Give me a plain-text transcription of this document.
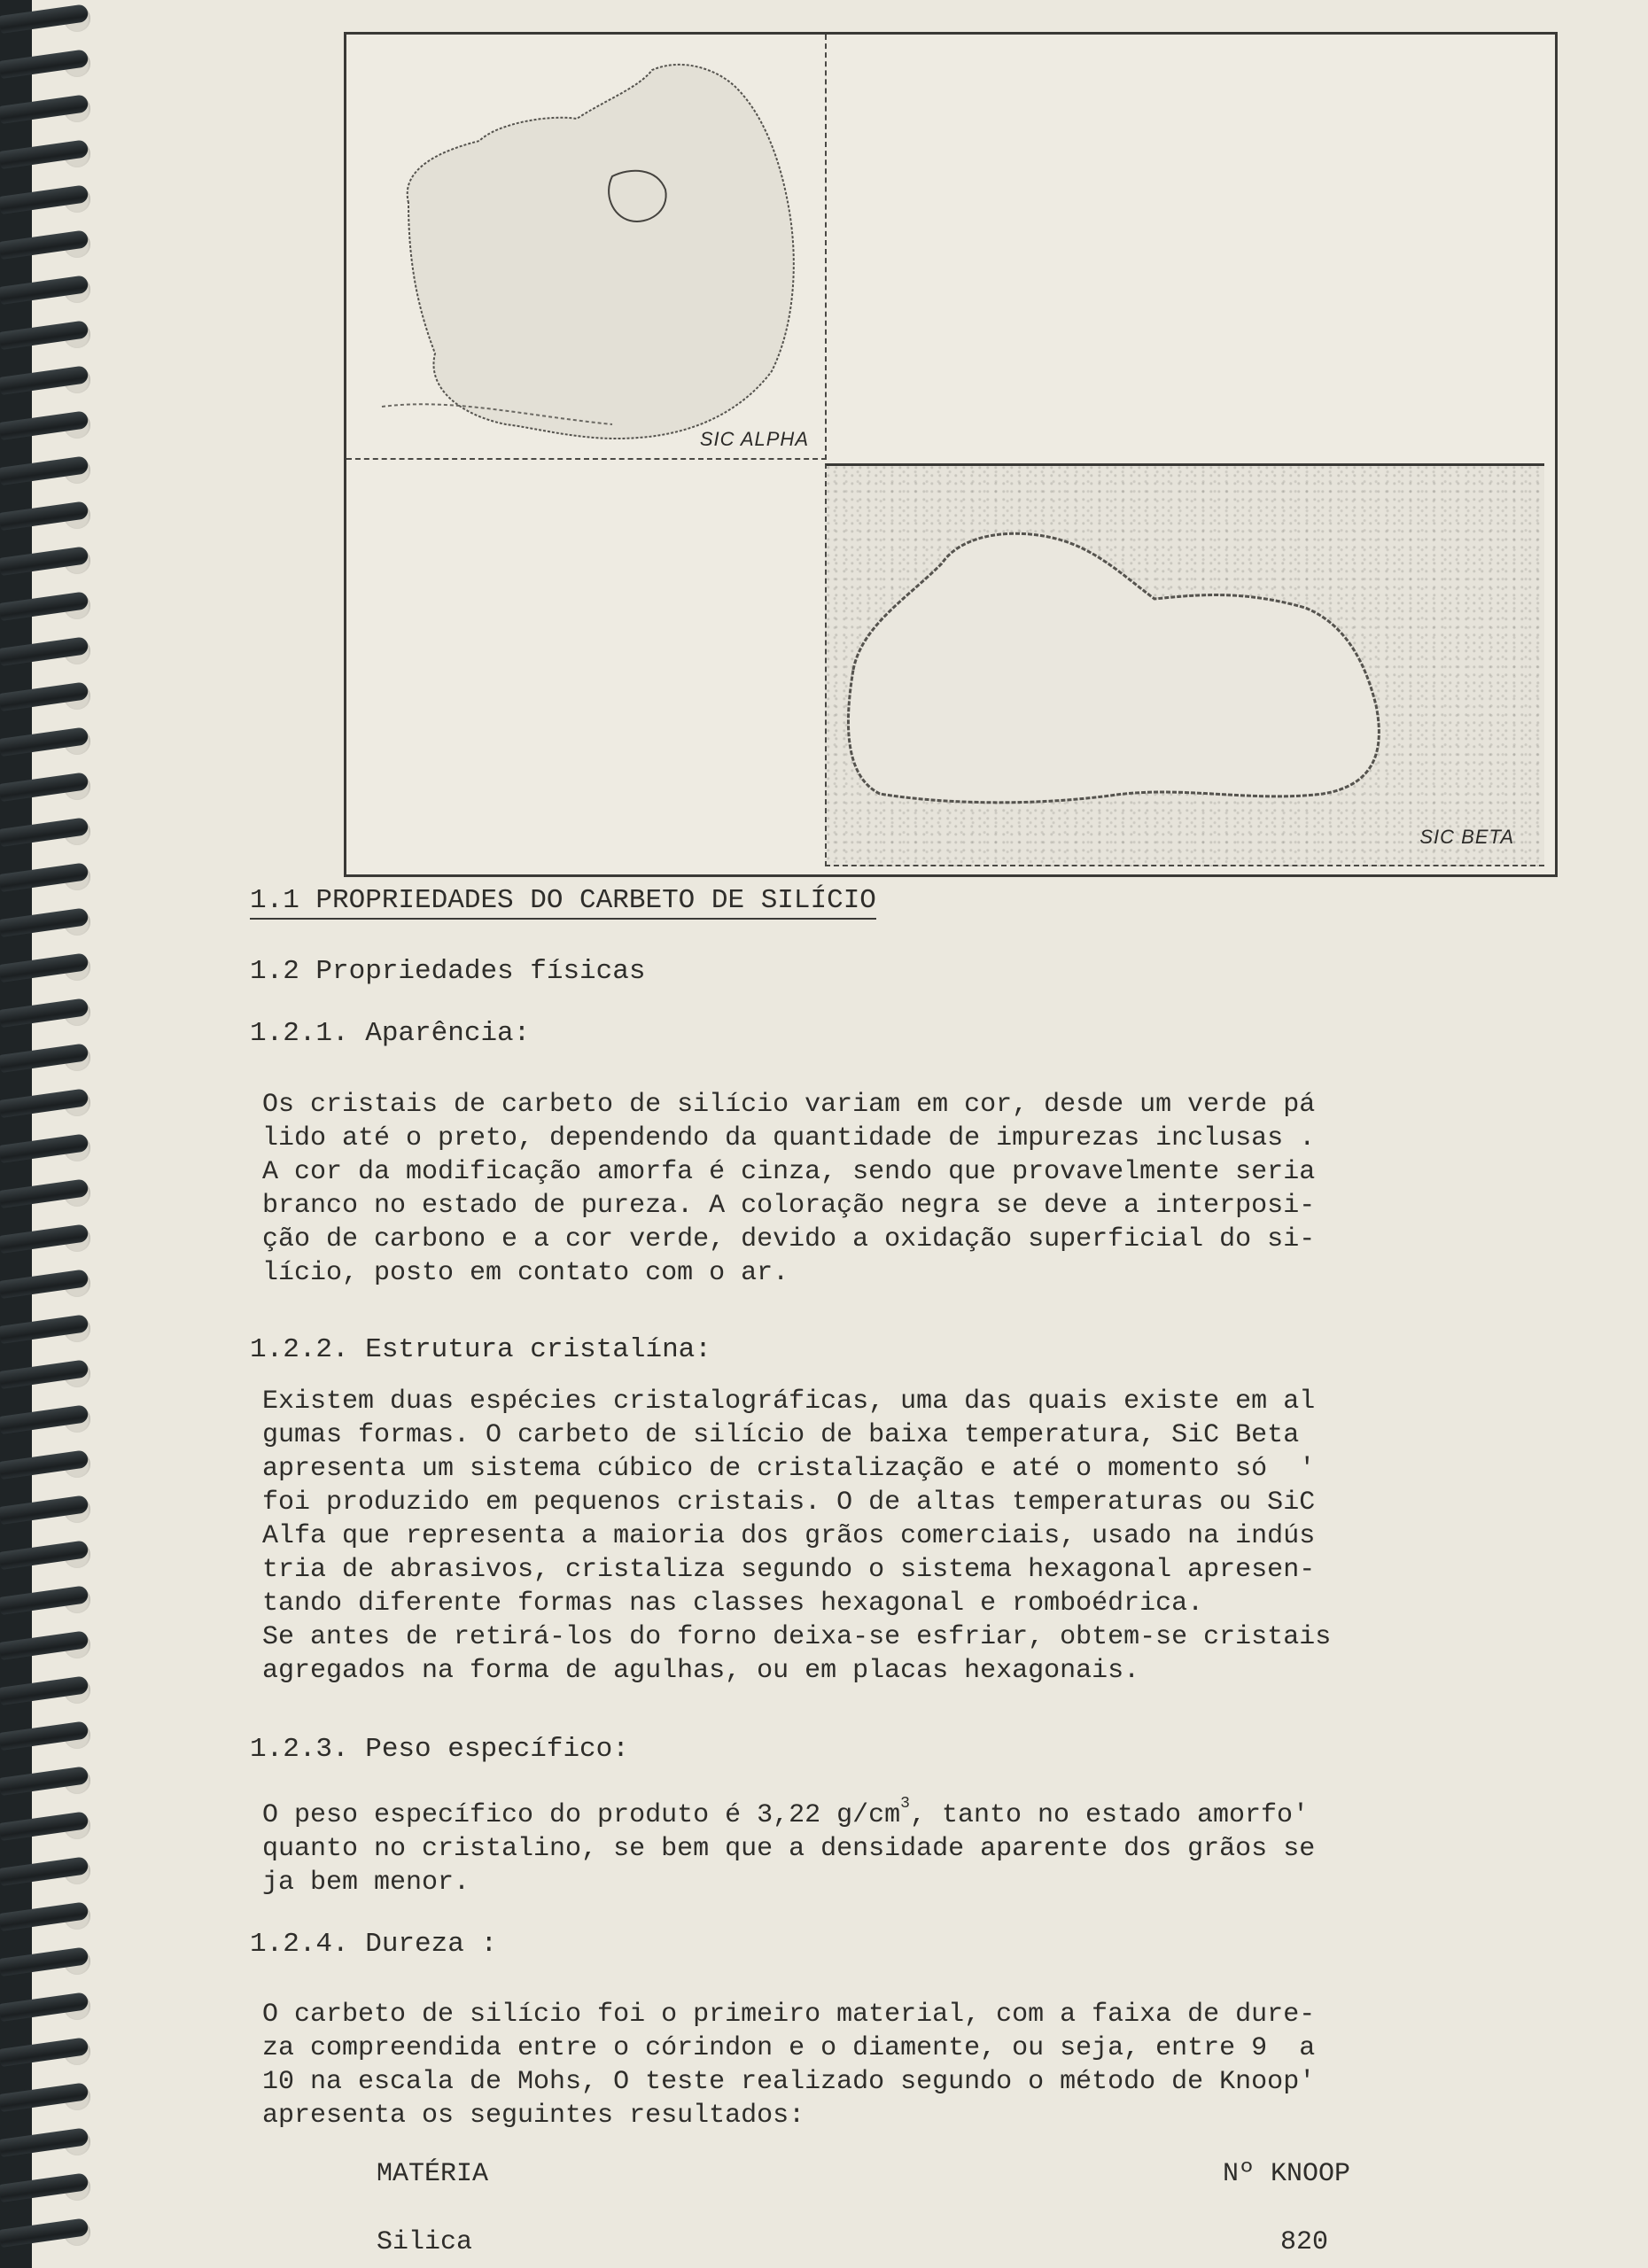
SIC ALPHA
SIC BETA
1.1 PROPRIEDADES DO CARBETO DE SILÍCIO
1.2 Propriedades físicas
1.2.1. Aparência:
Os cristais de carbeto de silício variam em cor, desde um verde pá
lido até o preto, dependendo da quantidade de impurezas inclusas .
A cor da modificação amorfa é cinza, sendo que provavelmente seria
branco no estado de pureza. A coloração negra se deve a interposi-
ção de carbono e a cor verde, devido a oxidação superficial do si-
lício, posto em contato com o ar.
1.2.2. Estrutura cristalína:
Existem duas espécies cristalográficas, uma das quais existe em al
gumas formas. O carbeto de silício de baixa temperatura, SiC Beta
apresenta um sistema cúbico de cristalização e até o momento só  '
foi produzido em pequenos cristais. O de altas temperaturas ou SiC
Alfa que representa a maioria dos grãos comerciais, usado na indús
tria de abrasivos, cristaliza segundo o sistema hexagonal apresen-
tando diferente formas nas classes hexagonal e romboédrica.
Se antes de retirá-los do forno deixa-se esfriar, obtem-se cristais
agregados na forma de agulhas, ou em placas hexagonais.
1.2.3. Peso específico:
O peso específico do produto é 3,22 $g/cm^3$, tanto no estado amorfo'
quanto no cristalino, se bem que a densidade aparente dos grãos se
ja bem menor.
1.2.4. Dureza :
O carbeto de silício foi o primeiro material, com a faixa de dure-
za compreendida entre o córindon e o diamente, ou seja, entre 9  a
10 na escala de Mohs, O teste realizado segundo o método de Knoop'
apresenta os seguintes resultados:
MATÉRIA	Nº KNOOP
Silica	820
